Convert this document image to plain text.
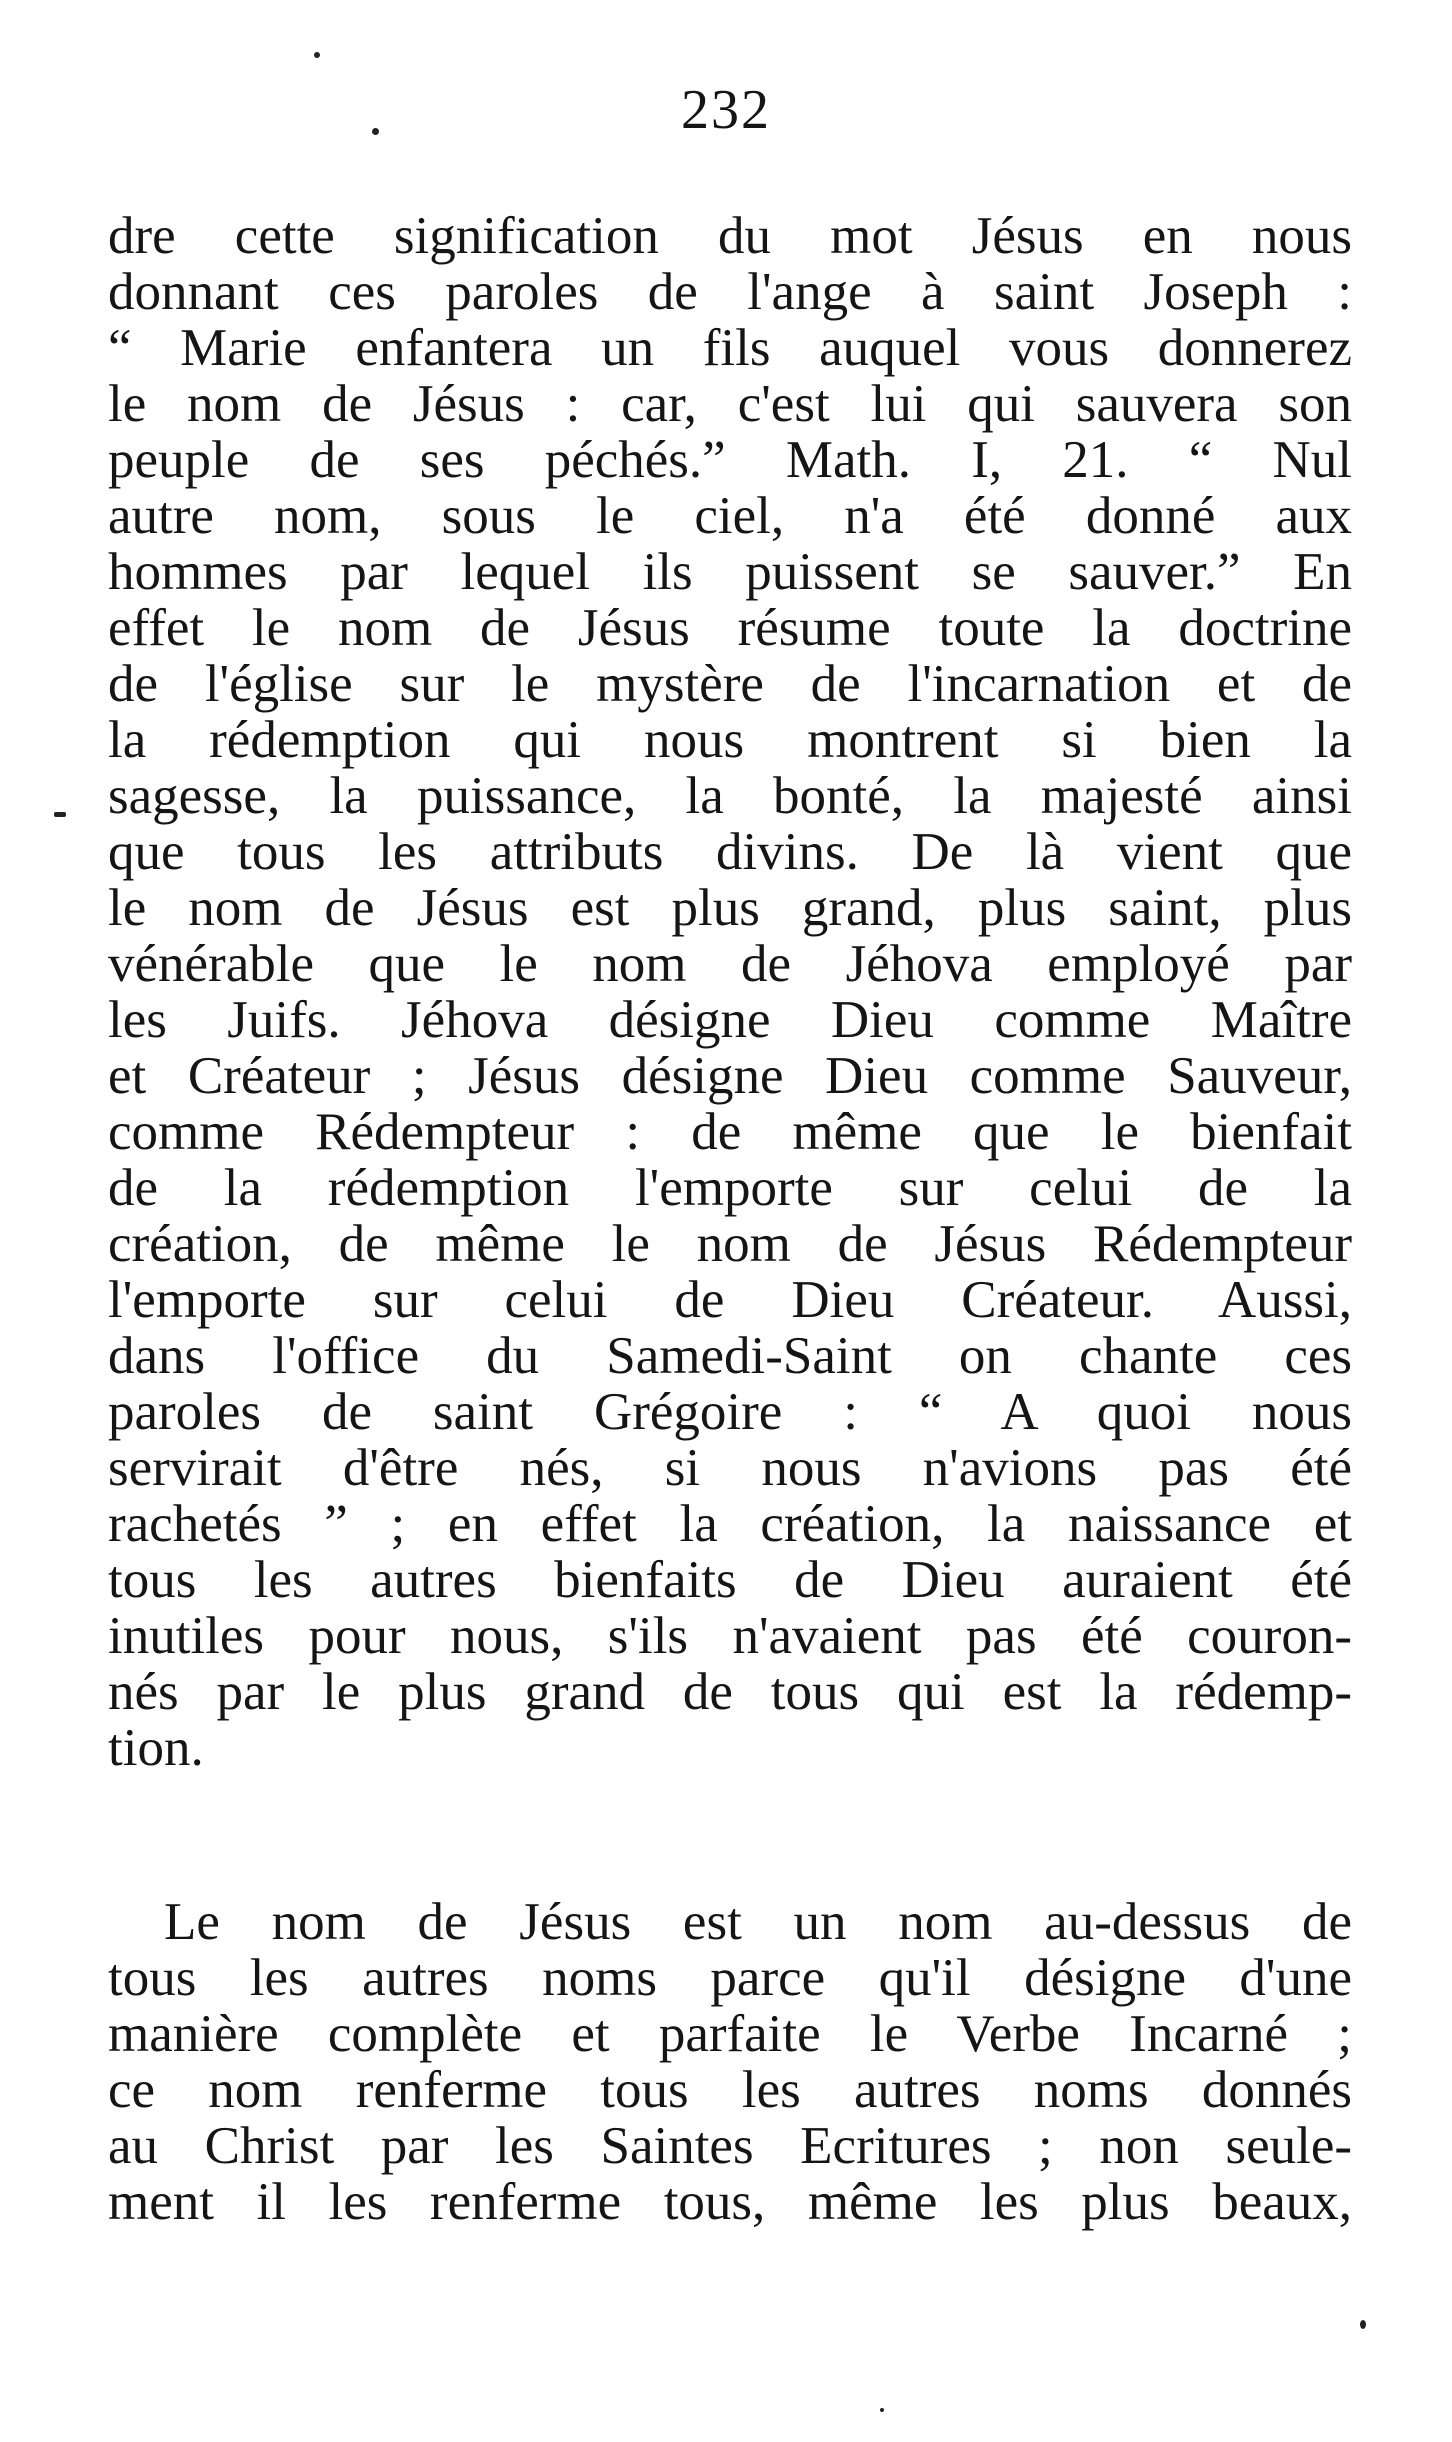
232
dre cette signification du mot Jésus en nous
donnant ces paroles de l'ange à saint Joseph :
“ Marie enfantera un fils auquel vous donnerez
le nom de Jésus : car, c'est lui qui sauvera son
peuple de ses péchés.” Math. I, 21. “ Nul
autre nom, sous le ciel, n'a été donné aux
hommes par lequel ils puissent se sauver.” En
effet le nom de Jésus résume toute la doctrine
de l'église sur le mystère de l'incarnation et de
la rédemption qui nous montrent si bien la
sagesse, la puissance, la bonté, la majesté ainsi
que tous les attributs divins. De là vient que
le nom de Jésus est plus grand, plus saint, plus
vénérable que le nom de Jéhova employé par
les Juifs. Jéhova désigne Dieu comme Maître
et Créateur ; Jésus désigne Dieu comme Sauveur,
comme Rédempteur : de même que le bienfait
de la rédemption l'emporte sur celui de la
création, de même le nom de Jésus Rédempteur
l'emporte sur celui de Dieu Créateur. Aussi,
dans l'office du Samedi-Saint on chante ces
paroles de saint Grégoire : “ A quoi nous
servirait d'être nés, si nous n'avions pas été
rachetés ” ; en effet la création, la naissance et
tous les autres bienfaits de Dieu auraient été
inutiles pour nous, s'ils n'avaient pas été couron-
nés par le plus grand de tous qui est la rédemp-
tion.
Le nom de Jésus est un nom au-dessus de
tous les autres noms parce qu'il désigne d'une
manière complète et parfaite le Verbe Incarné ;
ce nom renferme tous les autres noms donnés
au Christ par les Saintes Ecritures ; non seule-
ment il les renferme tous, même les plus beaux,
